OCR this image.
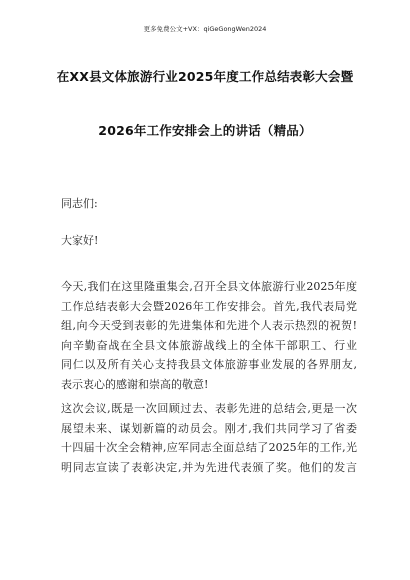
更多免费公文+VX：qiGeGongWen2024
在XX县文体旅游行业2025年度工作总结表彰大会暨
2026年工作安排会上的讲话（精品）
同志们:
大家好!
今天,我们在这里隆重集会,召开全县文体旅游行业2025年度
工作总结表彰大会暨2026年工作安排会。首先,我代表局党
组,向今天受到表彰的先进集体和先进个人表示热烈的祝贺!
向辛勤奋战在全县文体旅游战线上的全体干部职工、行业
同仁以及所有关心支持我县文体旅游事业发展的各界朋友,
表示衷心的感谢和崇高的敬意!
这次会议,既是一次回顾过去、表彰先进的总结会,更是一次
展望未来、谋划新篇的动员会。刚才,我们共同学习了省委
十四届十次全会精神,应军同志全面总结了2025年的工作,光
明同志宣读了表彰决定,并为先进代表颁了奖。他们的发言
